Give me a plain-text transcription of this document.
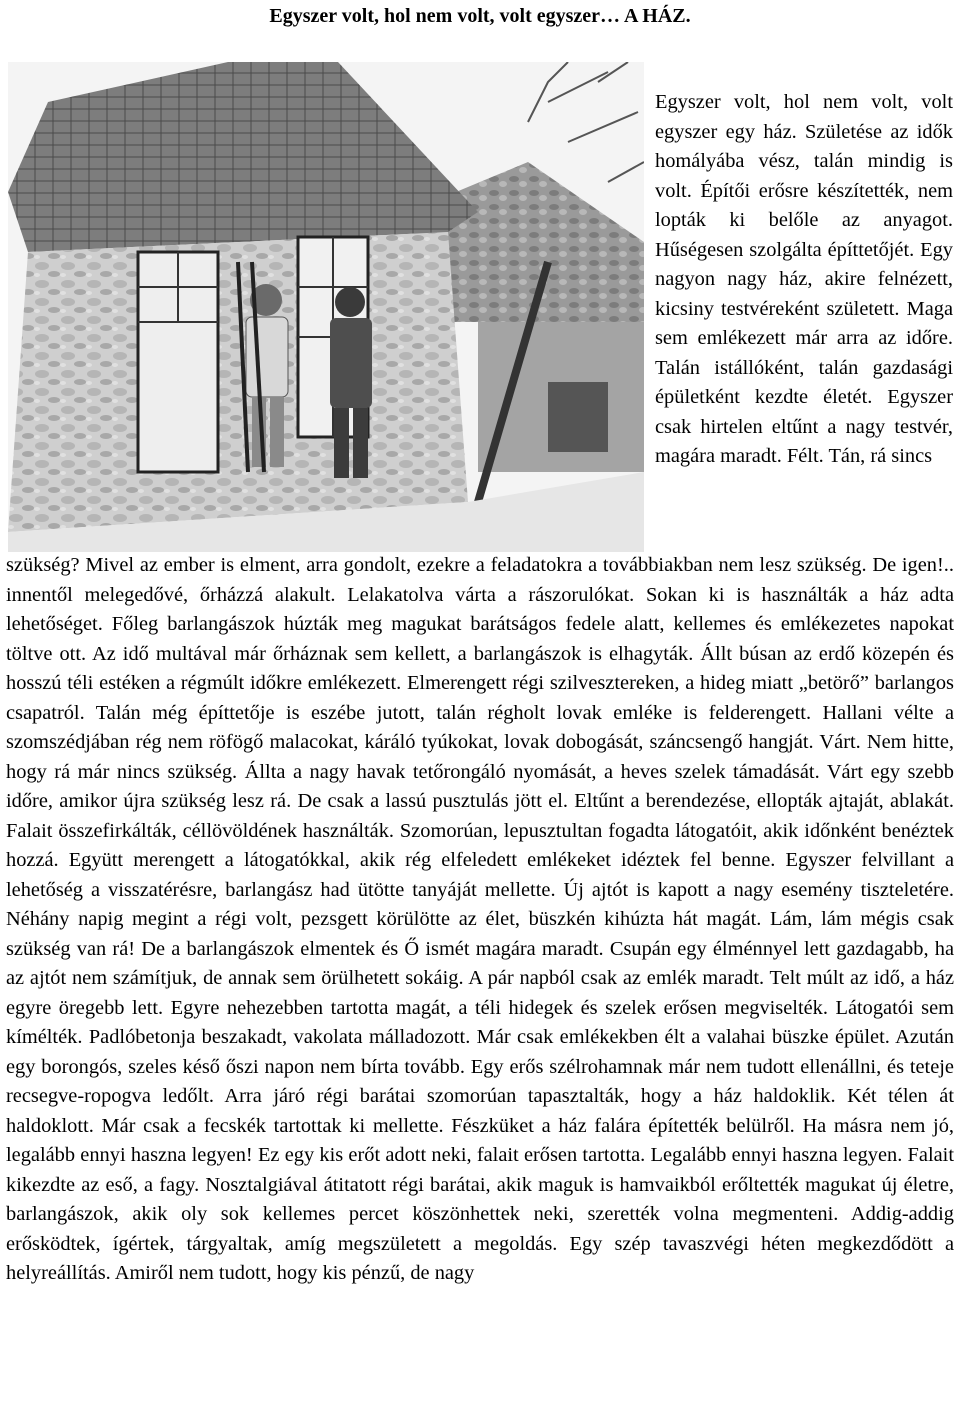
Egyszer volt, hol nem volt, volt egyszer… A HÁZ.

Egyszer volt, hol nem volt, volt egyszer egy ház. Születése az idők homályába vész, talán mindig is volt. Építői erősre készítették, nem lopták ki belőle az anyagot. Hűségesen szolgálta építtetőjét. Egy nagyon nagy ház, akire felnézett, kicsiny testvéreként született. Maga sem emlékezett már arra az időre. Talán istállóként, talán gazdasági épületként kezdte életét. Egyszer csak hirtelen eltűnt a nagy testvér, magára maradt. Félt. Tán, rá sincs

szükség? Mivel az ember is elment, arra gondolt, ezekre a feladatokra a továbbiakban nem lesz szükség. De igen!.. innentől melegedővé, őrházzá alakult. Lelakatolva várta a rászorulókat. Sokan ki is használták a ház adta lehetőséget. Főleg barlangászok húzták meg magukat barátságos fedele alatt, kellemes és emlékezetes napokat töltve ott. Az idő multával már őrháznak sem kellett, a barlangászok is elhagyták. Állt búsan az erdő közepén és hosszú téli estéken a régmúlt időkre emlékezett. Elmerengett régi szilvesztereken, a hideg miatt „betörő” barlangos csapatról. Talán még építtetője is eszébe jutott, talán régholt lovak emléke is felderengett. Hallani vélte a szomszédjában rég nem röfögő malacokat, káráló tyúkokat, lovak dobogását, száncsengő hangját. Várt. Nem hitte, hogy rá már nincs szükség. Állta a nagy havak tetőrongáló nyomását, a heves szelek támadását. Várt egy szebb időre, amikor újra szükség lesz rá. De csak a lassú pusztulás jött el. Eltűnt a berendezése, ellopták ajtaját, ablakát. Falait összefirkálták, céllövöldének használták. Szomorúan, lepusztultan fogadta látogatóit, akik időnként benéztek hozzá. Együtt merengett a látogatókkal, akik rég elfeledett emlékeket idéztek fel benne. Egyszer felvillant a lehetőség a visszatérésre, barlangász had ütötte tanyáját mellette. Új ajtót is kapott a nagy esemény tiszteletére. Néhány napig megint a régi volt, pezsgett körülötte az élet, büszkén kihúzta hát magát. Lám, lám mégis csak szükség van rá! De a barlangászok elmentek és Ő ismét magára maradt. Csupán egy élménnyel lett gazdagabb, ha az ajtót nem számítjuk, de annak sem örülhetett sokáig. A pár napból csak az emlék maradt. Telt múlt az idő, a ház egyre öregebb lett. Egyre nehezebben tartotta magát, a téli hidegek és szelek erősen megviselték. Látogatói sem kímélték. Padlóbetonja beszakadt, vakolata málladozott. Már csak emlékekben élt a valahai büszke épület. Azután egy borongós, szeles késő őszi napon nem bírta tovább. Egy erős szélrohamnak már nem tudott ellenállni, és teteje recsegve-ropogva ledőlt. Arra járó régi barátai szomorúan tapasztalták, hogy a ház haldoklik. Két télen át haldoklott. Már csak a fecskék tartottak ki mellette. Fészküket a ház falára építették belülről. Ha másra nem jó, legalább ennyi haszna legyen! Ez egy kis erőt adott neki, falait erősen tartotta. Legalább ennyi haszna legyen. Falait kikezdte az eső, a fagy. Nosztalgiával átitatott régi barátai, akik maguk is hamvaikból erőltették magukat új életre, barlangászok, akik oly sok kellemes percet köszönhettek neki, szerették volna megmenteni. Addig-addig erősködtek, ígértek, tárgyaltak, amíg megszületett a megoldás. Egy szép tavaszvégi héten megkezdődött a helyreállítás. Amiről nem tudott, hogy kis pénzű, de nagy
